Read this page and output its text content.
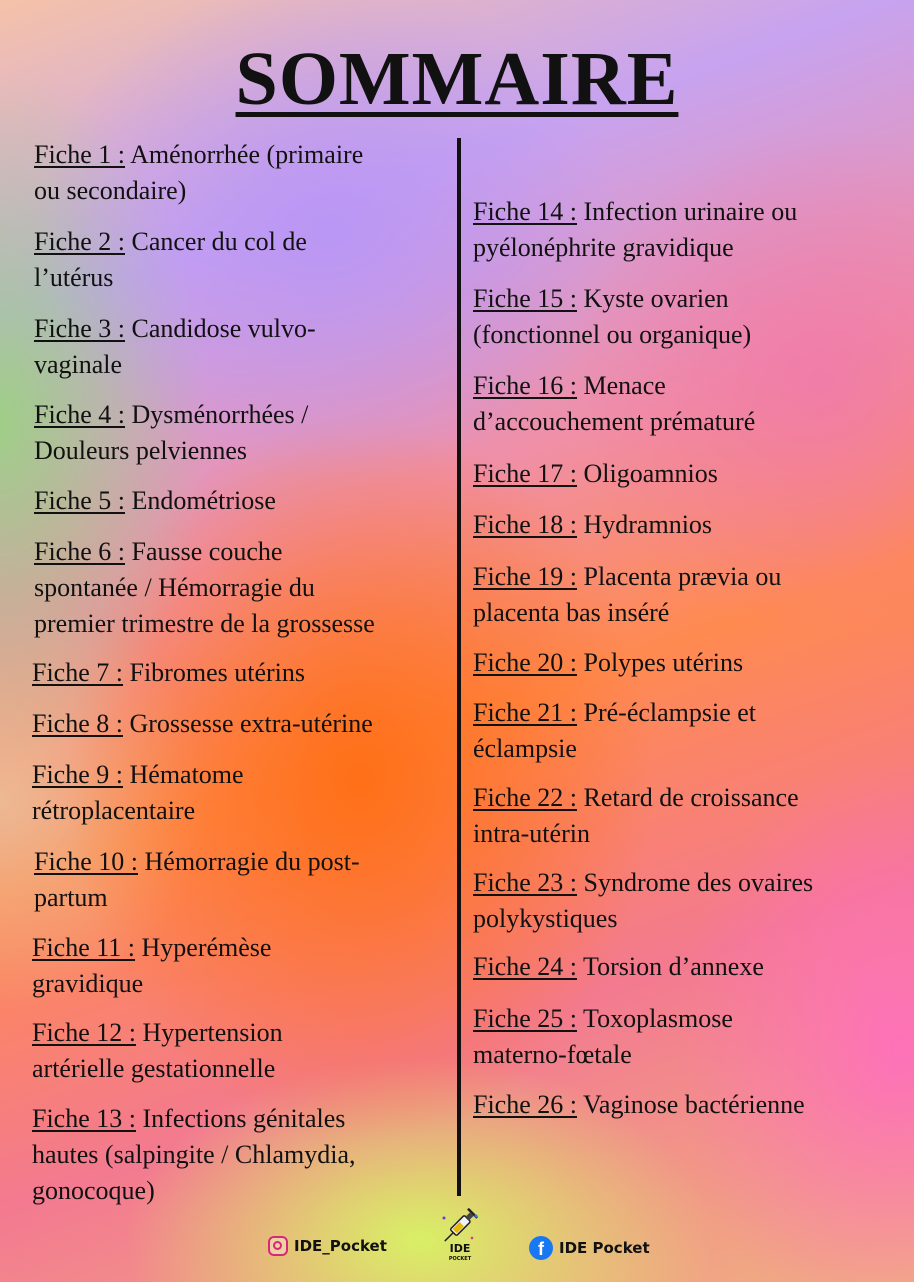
SOMMAIRE

Fiche 1 : Aménorrhée (primaire
ou secondaire)

Fiche 2 : Cancer du col de
l’utérus

Fiche 3 : Candidose vulvo-
vaginale

Fiche 4 : Dysménorrhées /
Douleurs pelviennes

Fiche 5 : Endométriose

Fiche 6 : Fausse couche
spontanée / Hémorragie du
premier trimestre de la grossesse

Fiche 7 : Fibromes utérins

Fiche 8 : Grossesse extra-utérine

Fiche 9 : Hématome
rétroplacentaire

Fiche 10 : Hémorragie du post-
partum

Fiche 11 : Hyperémèse
gravidique

Fiche 12 : Hypertension
artérielle gestationnelle

Fiche 13 : Infections génitales
hautes (salpingite / Chlamydia,
gonocoque)

Fiche 14 : Infection urinaire ou
pyélonéphrite gravidique

Fiche 15 : Kyste ovarien
(fonctionnel ou organique)

Fiche 16 : Menace
d’accouchement prématuré

Fiche 17 : Oligoamnios

Fiche 18 : Hydramnios

Fiche 19 : Placenta prævia ou
placenta bas inséré

Fiche 20 : Polypes utérins

Fiche 21 : Pré-éclampsie et
éclampsie

Fiche 22 : Retard de croissance
intra-utérin

Fiche 23 : Syndrome des ovaires
polykystiques

Fiche 24 : Torsion d’annexe

Fiche 25 : Toxoplasmose
materno-fœtale

Fiche 26 : Vaginose bactérienne

IDE_Pocket	IDE
POCKET	f	IDE Pocket
